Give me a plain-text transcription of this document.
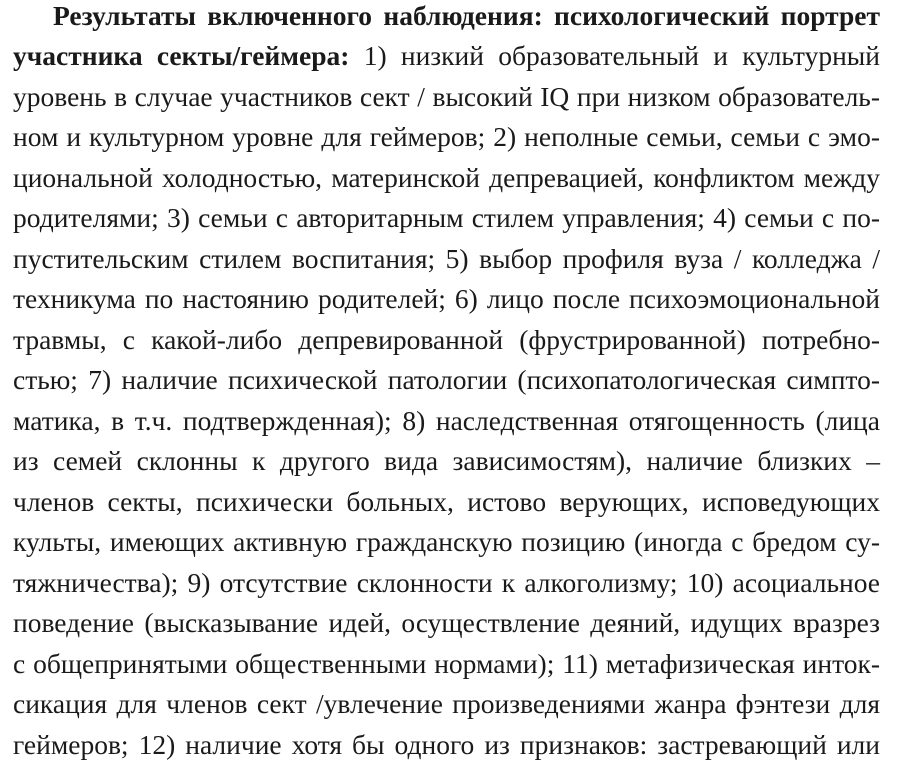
Результаты включенного наблюдения: психологический портрет
участника секты/геймера: 1) низкий образовательный и культурный
уровень в случае участников сект / высокий IQ при низком образователь-
ном и культурном уровне для геймеров; 2) неполные семьи, семьи с эмо-
циональной холодностью, материнской депревацией, конфликтом между
родителями; 3) семьи с авторитарным стилем управления; 4) семьи с по-
пустительским стилем воспитания; 5) выбор профиля вуза / колледжа /
техникума по настоянию родителей; 6) лицо после психоэмоциональной
травмы, с какой-либо депревированной (фрустрированной) потребно-
стью; 7) наличие психической патологии (психопатологическая симпто-
матика, в т.ч. подтвержденная); 8) наследственная отягощенность (лица
из семей склонны к другого вида зависимостям), наличие близких –
членов секты, психически больных, истово верующих, исповедующих
культы, имеющих активную гражданскую позицию (иногда с бредом су-
тяжничества); 9) отсутствие склонности к алкоголизму; 10) асоциальное
поведение (высказывание идей, осуществление деяний, идущих вразрез
с общепринятыми общественными нормами); 11) метафизическая инток-
сикация для членов сект /увлечение произведениями жанра фэнтези для
геймеров; 12) наличие хотя бы одного из признаков: застревающий или
